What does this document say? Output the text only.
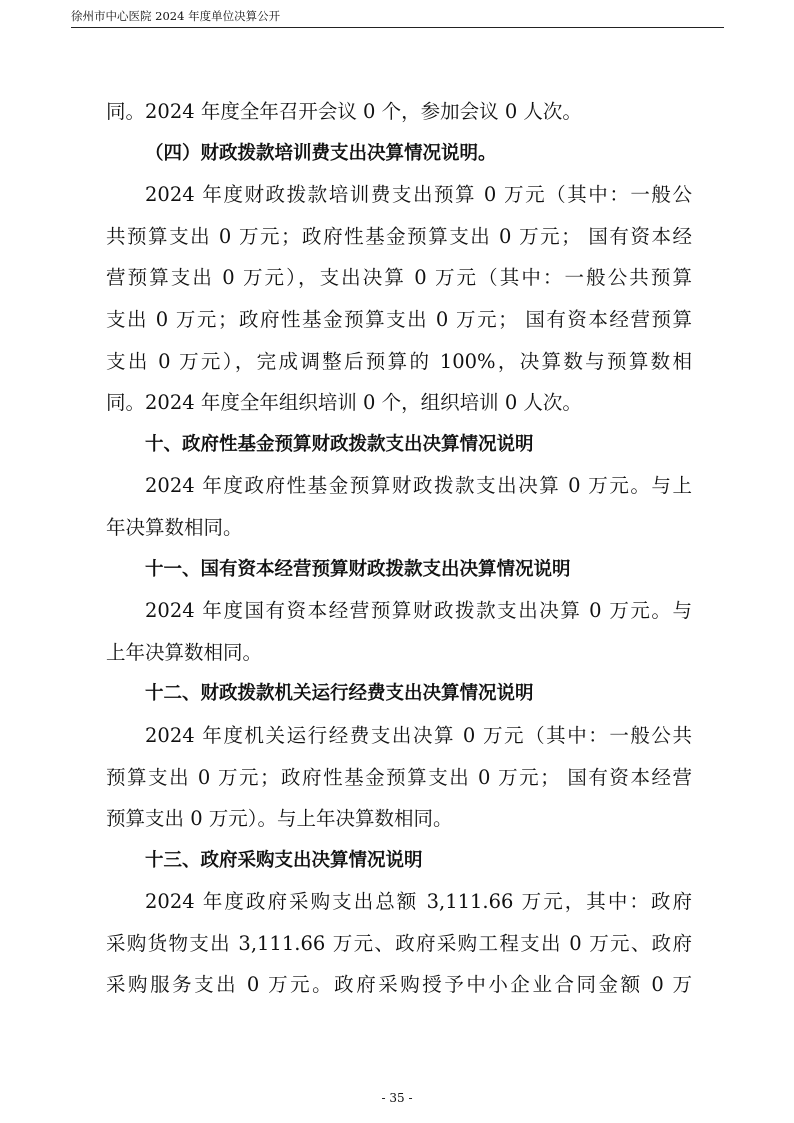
徐州市中心医院 2024 年度单位决算公开
同。2024 年度全年召开会议 0 个，参加会议 0 人次。
（四）财政拨款培训费支出决算情况说明。
2024 年度财政拨款培训费支出预算 0 万元（其中：一般公
共预算支出 0 万元；政府性基金预算支出 0 万元； 国有资本经
营预算支出 0 万元），支出决算 0 万元（其中：一般公共预算
支出 0 万元；政府性基金预算支出 0 万元； 国有资本经营预算
支出 0 万元），完成调整后预算的 100%，决算数与预算数相
同。2024 年度全年组织培训 0 个，组织培训 0 人次。
十、政府性基金预算财政拨款支出决算情况说明
2024 年度政府性基金预算财政拨款支出决算 0 万元。与上
年决算数相同。
十一、国有资本经营预算财政拨款支出决算情况说明
2024 年度国有资本经营预算财政拨款支出决算 0 万元。与
上年决算数相同。
十二、财政拨款机关运行经费支出决算情况说明
2024 年度机关运行经费支出决算 0 万元（其中：一般公共
预算支出 0 万元；政府性基金预算支出 0 万元； 国有资本经营
预算支出 0 万元）。与上年决算数相同。
十三、政府采购支出决算情况说明
2024 年度政府采购支出总额 3,111.66 万元，其中：政府
采购货物支出 3,111.66 万元、政府采购工程支出 0 万元、政府
采购服务支出 0 万元。政府采购授予中小企业合同金额 0 万
- 35 -
